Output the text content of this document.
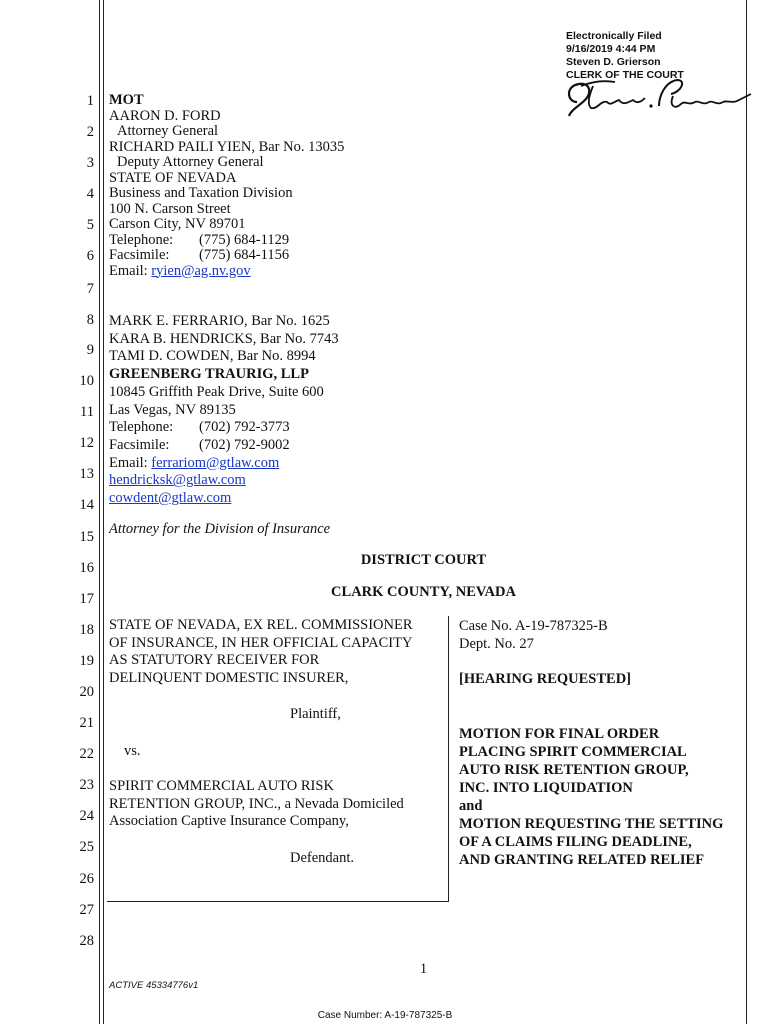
Electronically Filed
9/16/2019 4:44 PM
Steven D. Grierson
CLERK OF THE COURT
1
2
3
4
5
6
7
8
9
10
11
12
13
14
15
16
17
18
19
20
21
22
23
24
25
26
27
28
MOT
AARON D. FORD
Attorney General
RICHARD PAILI YIEN, Bar No. 13035
Deputy Attorney General
STATE OF NEVADA
Business and Taxation Division
100 N. Carson Street
Carson City, NV 89701
Telephone: (775) 684-1129
Facsimile: (775) 684-1156
Email: ryien@ag.nv.gov
MARK E. FERRARIO, Bar No. 1625
KARA B. HENDRICKS, Bar No. 7743
TAMI D. COWDEN, Bar No. 8994
GREENBERG TRAURIG, LLP
10845 Griffith Peak Drive, Suite 600
Las Vegas, NV 89135
Telephone: (702) 792-3773
Facsimile: (702) 792-9002
Email: ferrariom@gtlaw.com
hendricksk@gtlaw.com
cowdent@gtlaw.com
Attorney for the Division of Insurance
DISTRICT COURT
CLARK COUNTY, NEVADA
STATE OF NEVADA, EX REL. COMMISSIONER
OF INSURANCE, IN HER OFFICIAL CAPACITY
AS STATUTORY RECEIVER FOR
DELINQUENT DOMESTIC INSURER,
Plaintiff,
vs.
SPIRIT COMMERCIAL AUTO RISK
RETENTION GROUP, INC., a Nevada Domiciled
Association Captive Insurance Company,
Defendant.
Case No. A-19-787325-B
Dept. No. 27
[HEARING REQUESTED]
MOTION FOR FINAL ORDER
PLACING SPIRIT COMMERCIAL
AUTO RISK RETENTION GROUP,
INC. INTO LIQUIDATION
and
MOTION REQUESTING THE SETTING
OF A CLAIMS FILING DEADLINE,
AND GRANTING RELATED RELIEF
1
ACTIVE 45334776v1
Case Number: A-19-787325-B
